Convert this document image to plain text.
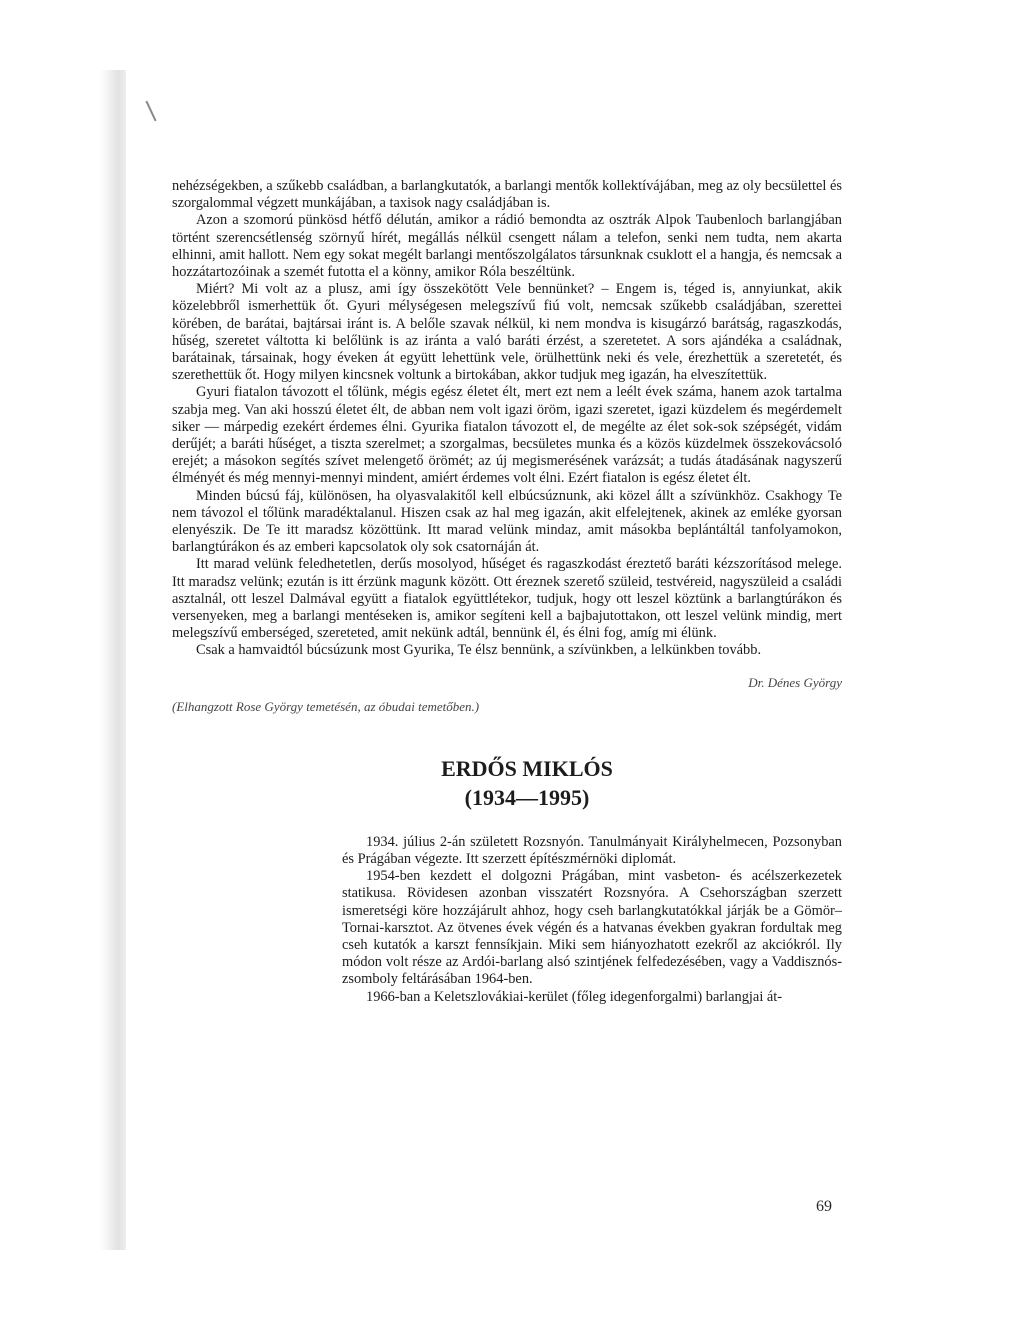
nehézségekben, a szűkebb családban, a barlangkutatók, a barlangi mentők kollektívájában, meg az oly becsülettel és szorgalommal végzett munkájában, a taxisok nagy családjában is.

Azon a szomorú pünkösd hétfő délután, amikor a rádió bemondta az osztrák Alpok Taubenloch barlangjában történt szerencsétlenség szörnyű hírét, megállás nélkül csengett nálam a telefon, senki nem tudta, nem akarta elhinni, amit hallott. Nem egy sokat megélt barlangi mentőszolgálatos társunknak csuklott el a hangja, és nemcsak a hozzátartozóinak a szemét futotta el a könny, amikor Róla beszéltünk.

Miért? Mi volt az a plusz, ami így összekötött Vele bennünket? – Engem is, téged is, annyiunkat, akik közelebbről ismerhettük őt. Gyuri mélységesen melegszívű fiú volt, nemcsak szűkebb családjában, szerettei körében, de barátai, bajtársai iránt is. A belőle szavak nélkül, ki nem mondva is kisugárzó barátság, ragaszkodás, hűség, szeretet váltotta ki belőlünk is az iránta a való baráti érzést, a szeretetet. A sors ajándéka a családnak, barátainak, társainak, hogy éveken át együtt lehettünk vele, örülhettünk neki és vele, érezhettük a szeretetét, és szerethettük őt. Hogy milyen kincsnek voltunk a birtokában, akkor tudjuk meg igazán, ha elveszítettük.

Gyuri fiatalon távozott el tőlünk, mégis egész életet élt, mert ezt nem a leélt évek száma, hanem azok tartalma szabja meg. Van aki hosszú életet élt, de abban nem volt igazi öröm, igazi szeretet, igazi küzdelem és megérdemelt siker — márpedig ezekért érdemes élni. Gyurika fiatalon távozott el, de megélte az élet sok-sok szépségét, vidám derűjét; a baráti hűséget, a tiszta szerelmet; a szorgalmas, becsületes munka és a közös küzdelmek összekovácsoló erejét; a másokon segítés szívet melengető örömét; az új megismerésének varázsát; a tudás átadásának nagyszerű élményét és még mennyi-mennyi mindent, amiért érdemes volt élni. Ezért fiatalon is egész életet élt.

Minden búcsú fáj, különösen, ha olyasvalakitől kell elbúcsúznunk, aki közel állt a szívünkhöz. Csakhogy Te nem távozol el tőlünk maradéktalanul. Hiszen csak az hal meg igazán, akit elfelejtenek, akinek az emléke gyorsan elenyészik. De Te itt maradsz közöttünk. Itt marad velünk mindaz, amit másokba beplántáltál tanfolyamokon, barlangtúrákon és az emberi kapcsolatok oly sok csatornáján át.

Itt marad velünk feledhetetlen, derűs mosolyod, hűséget és ragaszkodást éreztető baráti kézszorításod melege. Itt maradsz velünk; ezután is itt érzünk magunk között. Ott éreznek szerető szüleid, testvéreid, nagyszüleid a családi asztalnál, ott leszel Dalmával együtt a fiatalok együttlétekor, tudjuk, hogy ott leszel köztünk a barlangtúrákon és versenyeken, meg a barlangi mentéseken is, amikor segíteni kell a bajbajutottakon, ott leszel velünk mindig, mert melegszívű emberséged, szereteted, amit nekünk adtál, bennünk él, és élni fog, amíg mi élünk.

Csak a hamvaidtól búcsúzunk most Gyurika, Te élsz bennünk, a szívünkben, a lelkünkben tovább.

Dr. Dénes György
(Elhangzott Rose György temetésén, az óbudai temetőben.)
ERDŐS MIKLÓS
(1934—1995)

1934. július 2-án született Rozsnyón. Tanulmányait Királyhelmecen, Pozsonyban és Prágában végezte. Itt szerzett építészmérnöki diplomát.

1954-ben kezdett el dolgozni Prágában, mint vasbeton- és acélszerkezetek statikusa. Rövidesen azonban visszatért Rozsnyóra. A Csehországban szerzett ismeretségi köre hozzájárult ahhoz, hogy cseh barlangkutatókkal járják be a Gömör–Tornai-karsztot. Az ötvenes évek végén és a hatvanas években gyakran fordultak meg cseh kutatók a karszt fennsíkjain. Miki sem hiányozhatott ezekről az akciókról. Ily módon volt része az Ardói-barlang alsó szintjének felfedezésében, vagy a Vaddisznós-zsomboly feltárásában 1964-ben.

1966-ban a Keletszlovákiai-kerület (főleg idegenforgalmi) barlangjai át-

69
